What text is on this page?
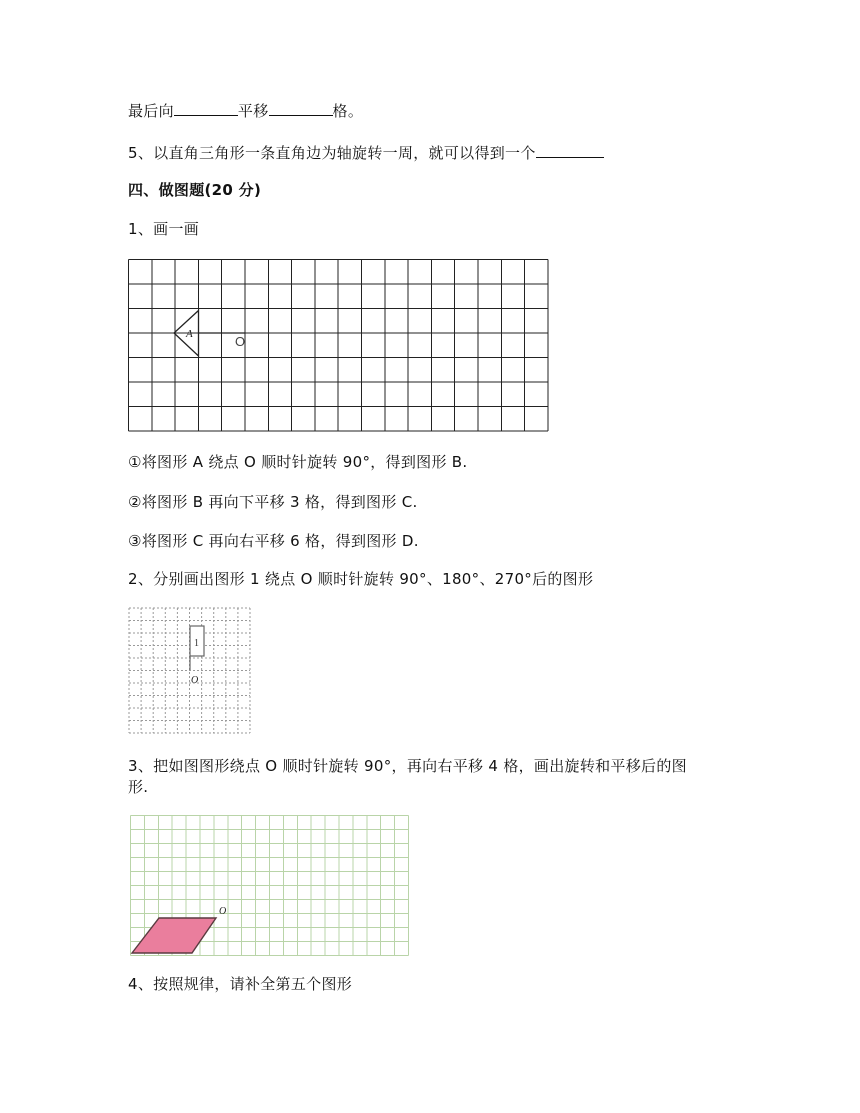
最后向	平移	格。
5、以直角三角形一条直角边为轴旋转一周，就可以得到一个
四、做图题(20 分)
1、画一画
A	O
①将图形 A 绕点 O 顺时针旋转 90°，得到图形 B.
②将图形 B 再向下平移 3 格，得到图形 C.
③将图形 C 再向右平移 6 格，得到图形 D.
2、分别画出图形 1 绕点 O 顺时针旋转 90°、180°、270°后的图形
1
O
3、把如图图形绕点 O 顺时针旋转 90°，再向右平移 4 格，画出旋转和平移后的图
形.
O
4、按照规律，请补全第五个图形
